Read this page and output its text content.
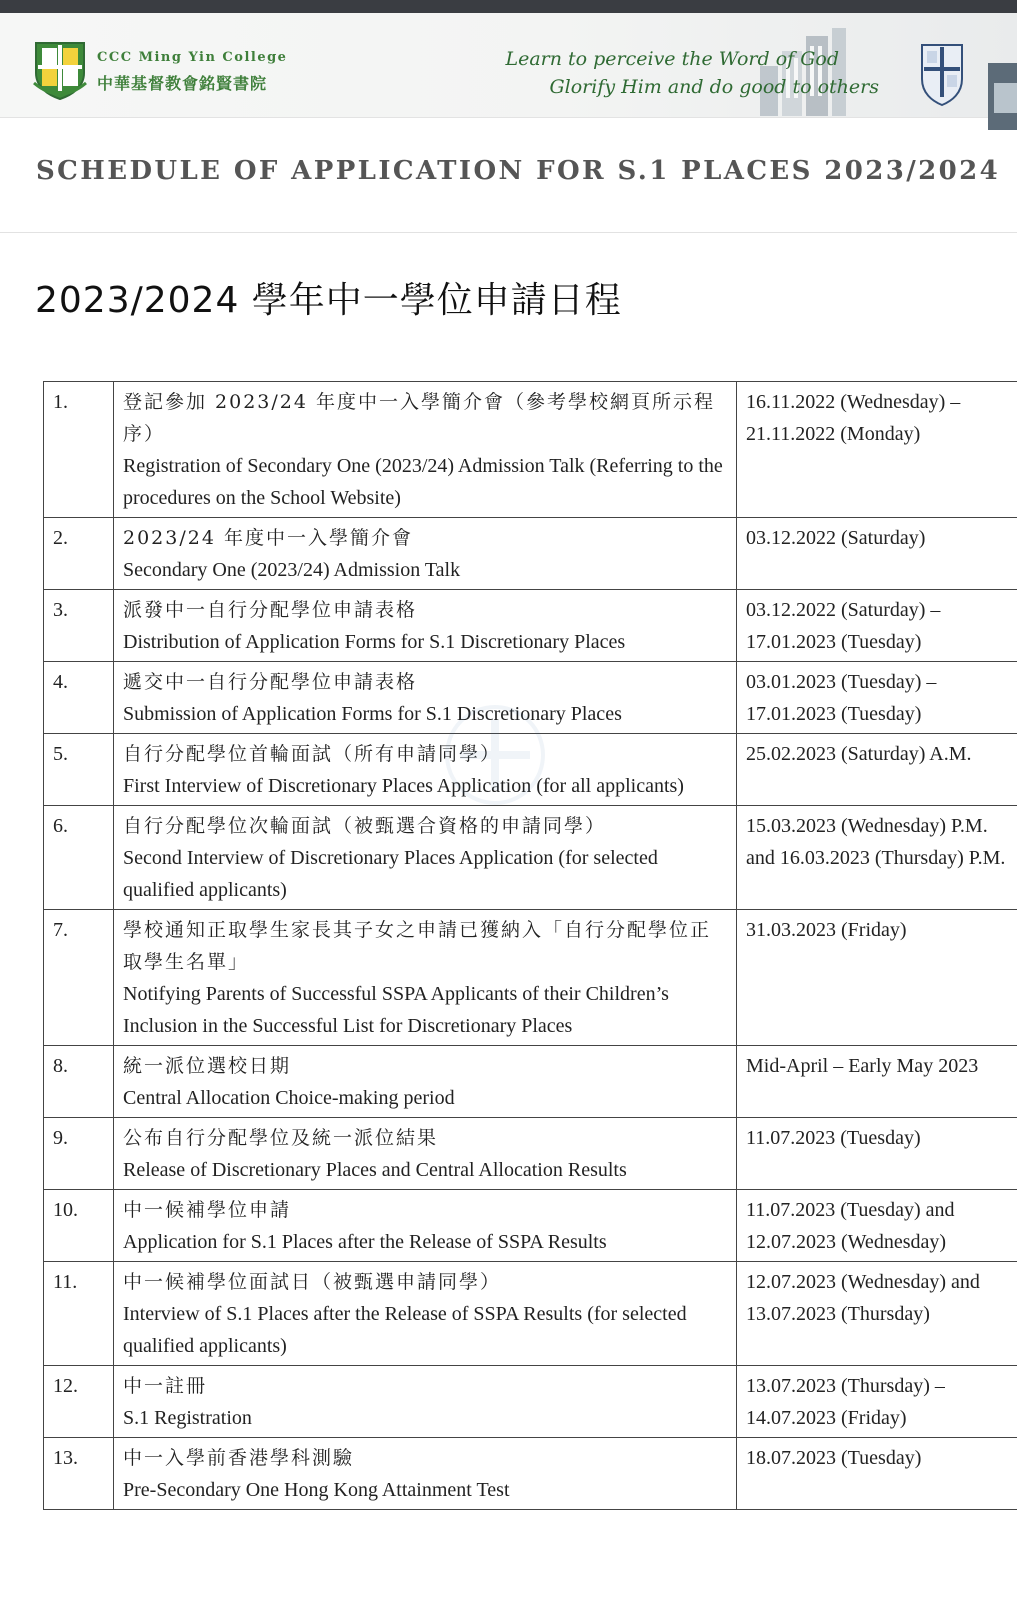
CCC Ming Yin College
中華基督教會銘賢書院
Learn to perceive the Word of God
Glorify Him and do good to others
SCHEDULE OF APPLICATION FOR S.1 PLACES 2023/2024
2023/2024 學年中一學位申請日程
1.	登記參加 2023/24 年度中一入學簡介會（參考學校網頁所示程序）
Registration of Secondary One (2023/24) Admission Talk (Referring to the procedures on the School Website)	16.11.2022 (Wednesday) – 21.11.2022 (Monday)
2.	2023/24 年度中一入學簡介會
Secondary One (2023/24) Admission Talk	03.12.2022 (Saturday)
3.	派發中一自行分配學位申請表格
Distribution of Application Forms for S.1 Discretionary Places	03.12.2022 (Saturday) – 17.01.2023 (Tuesday)
4.	遞交中一自行分配學位申請表格
Submission of Application Forms for S.1 Discretionary Places	03.01.2023 (Tuesday) – 17.01.2023 (Tuesday)
5.	自行分配學位首輪面試（所有申請同學）
First Interview of Discretionary Places Application (for all applicants)	25.02.2023 (Saturday) A.M.
6.	自行分配學位次輪面試（被甄選合資格的申請同學）
Second Interview of Discretionary Places Application (for selected qualified applicants)	15.03.2023 (Wednesday) P.M. and 16.03.2023 (Thursday) P.M.
7.	學校通知正取學生家長其子女之申請已獲納入「自行分配學位正取學生名單」
Notifying Parents of Successful SSPA Applicants of their Children’s Inclusion in the Successful List for Discretionary Places	31.03.2023 (Friday)
8.	統一派位選校日期
Central Allocation Choice-making period	Mid-April – Early May 2023
9.	公布自行分配學位及統一派位結果
Release of Discretionary Places and Central Allocation Results	11.07.2023 (Tuesday)
10.	中一候補學位申請
Application for S.1 Places after the Release of SSPA Results	11.07.2023 (Tuesday) and 12.07.2023 (Wednesday)
11.	中一候補學位面試日（被甄選申請同學）
Interview of S.1 Places after the Release of SSPA Results (for selected qualified applicants)	12.07.2023 (Wednesday) and 13.07.2023 (Thursday)
12.	中一註冊
S.1 Registration	13.07.2023 (Thursday) – 14.07.2023 (Friday)
13.	中一入學前香港學科測驗
Pre-Secondary One Hong Kong Attainment Test	18.07.2023 (Tuesday)
